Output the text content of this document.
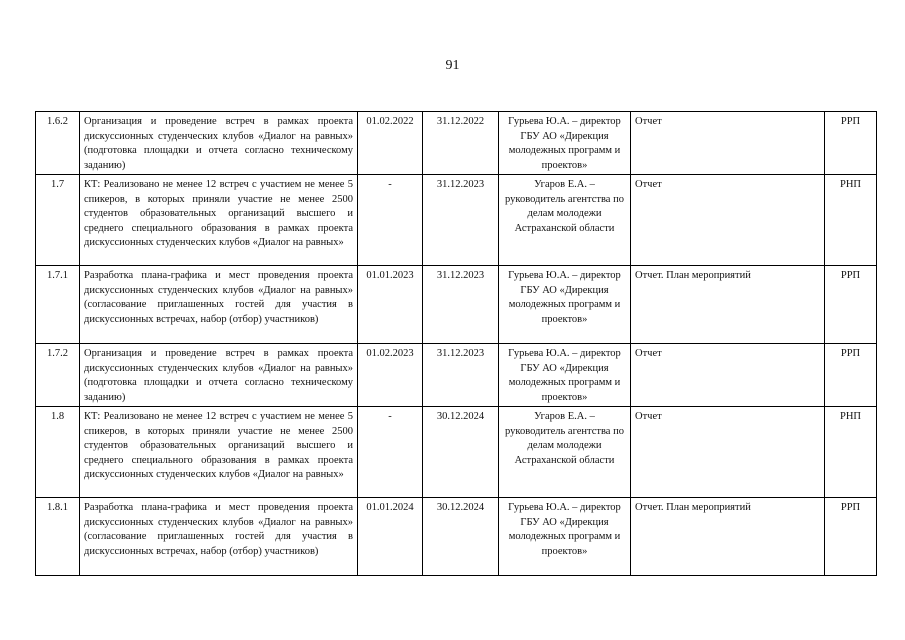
91
1.6.2	Организация и проведение встреч в рамках проекта дискуссионных студенческих клубов «Диалог на равных» (подготовка площадки и отчета согласно техническому заданию)	01.02.2022	31.12.2022	Гурьева Ю.А. – директор ГБУ АО «Дирекция молодежных программ и проектов»	Отчет	РРП
1.7	КТ: Реализовано не менее 12 встреч с участием не менее 5 спикеров, в которых приняли участие не менее 2500 студентов образовательных организаций высшего и среднего специального образования в рамках проекта дискуссионных студенческих клубов «Диалог на равных»	-	31.12.2023	Угаров Е.А. – руководитель агентства по делам молодежи Астраханской области	Отчет	РНП
1.7.1	Разработка плана-графика и мест проведения проекта дискуссионных студенческих клубов «Диалог на равных» (согласование приглашенных гостей для участия в дискуссионных встречах, набор (отбор) участников)	01.01.2023	31.12.2023	Гурьева Ю.А. – директор ГБУ АО «Дирекция молодежных программ и проектов»	Отчет. План мероприятий	РРП
1.7.2	Организация и проведение встреч в рамках проекта дискуссионных студенческих клубов «Диалог на равных» (подготовка площадки и отчета согласно техническому заданию)	01.02.2023	31.12.2023	Гурьева Ю.А. – директор ГБУ АО «Дирекция молодежных программ и проектов»	Отчет	РРП
1.8	КТ: Реализовано не менее 12 встреч с участием не менее 5 спикеров, в которых приняли участие не менее 2500 студентов образовательных организаций высшего и среднего специального образования в рамках проекта дискуссионных студенческих клубов «Диалог на равных»	-	30.12.2024	Угаров Е.А. – руководитель агентства по делам молодежи Астраханской области	Отчет	РНП
1.8.1	Разработка плана-графика и мест проведения проекта дискуссионных студенческих клубов «Диалог на равных» (согласование приглашенных гостей для участия в дискуссионных встречах, набор (отбор) участников)	01.01.2024	30.12.2024	Гурьева Ю.А. – директор ГБУ АО «Дирекция молодежных программ и проектов»	Отчет. План мероприятий	РРП
